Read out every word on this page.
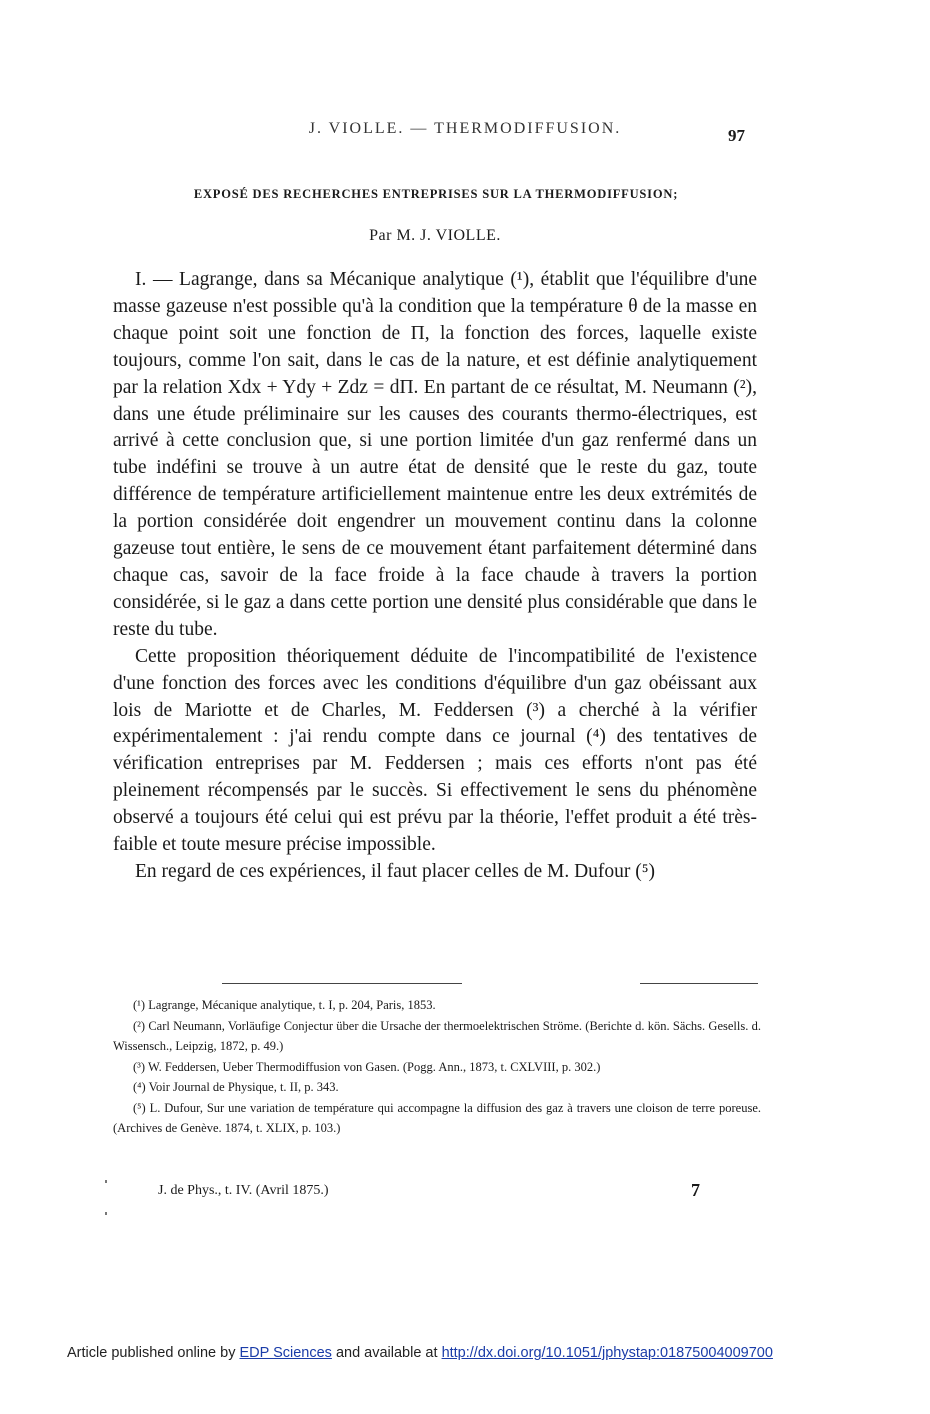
J. VIOLLE. — THERMODIFFUSION.	97
EXPOSÉ DES RECHERCHES ENTREPRISES SUR LA THERMODIFFUSION;
Par M. J. VIOLLE.

I. — Lagrange, dans sa Mécanique analytique (¹), établit que l'équilibre d'une masse gazeuse n'est possible qu'à la condition que la température θ de la masse en chaque point soit une fonction de Π, la fonction des forces, laquelle existe toujours, comme l'on sait, dans le cas de la nature, et est définie analytiquement par la relation Xdx + Ydy + Zdz = dΠ. En partant de ce résultat, M. Neumann (²), dans une étude préliminaire sur les causes des courants thermo-électriques, est arrivé à cette conclusion que, si une portion limitée d'un gaz renfermé dans un tube indéfini se trouve à un autre état de densité que le reste du gaz, toute différence de température artificiellement maintenue entre les deux extrémités de la portion considérée doit engendrer un mouvement continu dans la colonne gazeuse tout entière, le sens de ce mouvement étant parfaitement déterminé dans chaque cas, savoir de la face froide à la face chaude à travers la portion considérée, si le gaz a dans cette portion une densité plus considérable que dans le reste du tube.

Cette proposition théoriquement déduite de l'incompatibilité de l'existence d'une fonction des forces avec les conditions d'équilibre d'un gaz obéissant aux lois de Mariotte et de Charles, M. Feddersen (³) a cherché à la vérifier expérimentalement : j'ai rendu compte dans ce journal (⁴) des tentatives de vérification entreprises par M. Feddersen ; mais ces efforts n'ont pas été pleinement récompensés par le succès. Si effectivement le sens du phénomène observé a toujours été celui qui est prévu par la théorie, l'effet produit a été très-faible et toute mesure précise impossible.

En regard de ces expériences, il faut placer celles de M. Dufour (⁵)

(¹) Lagrange, Mécanique analytique, t. I, p. 204, Paris, 1853.

(²) Carl Neumann, Vorläufige Conjectur über die Ursache der thermoelektrischen Ströme. (Berichte d. kön. Sächs. Gesells. d. Wissensch., Leipzig, 1872, p. 49.)

(³) W. Feddersen, Ueber Thermodiffusion von Gasen. (Pogg. Ann., 1873, t. CXLVIII, p. 302.)

(⁴) Voir Journal de Physique, t. II, p. 343.

(⁵) L. Dufour, Sur une variation de température qui accompagne la diffusion des gaz à travers une cloison de terre poreuse. (Archives de Genève. 1874, t. XLIX, p. 103.)

J. de Phys., t. IV. (Avril 1875.)	7
Article published online by EDP Sciences and available at http://dx.doi.org/10.1051/jphystap:01875004009700
